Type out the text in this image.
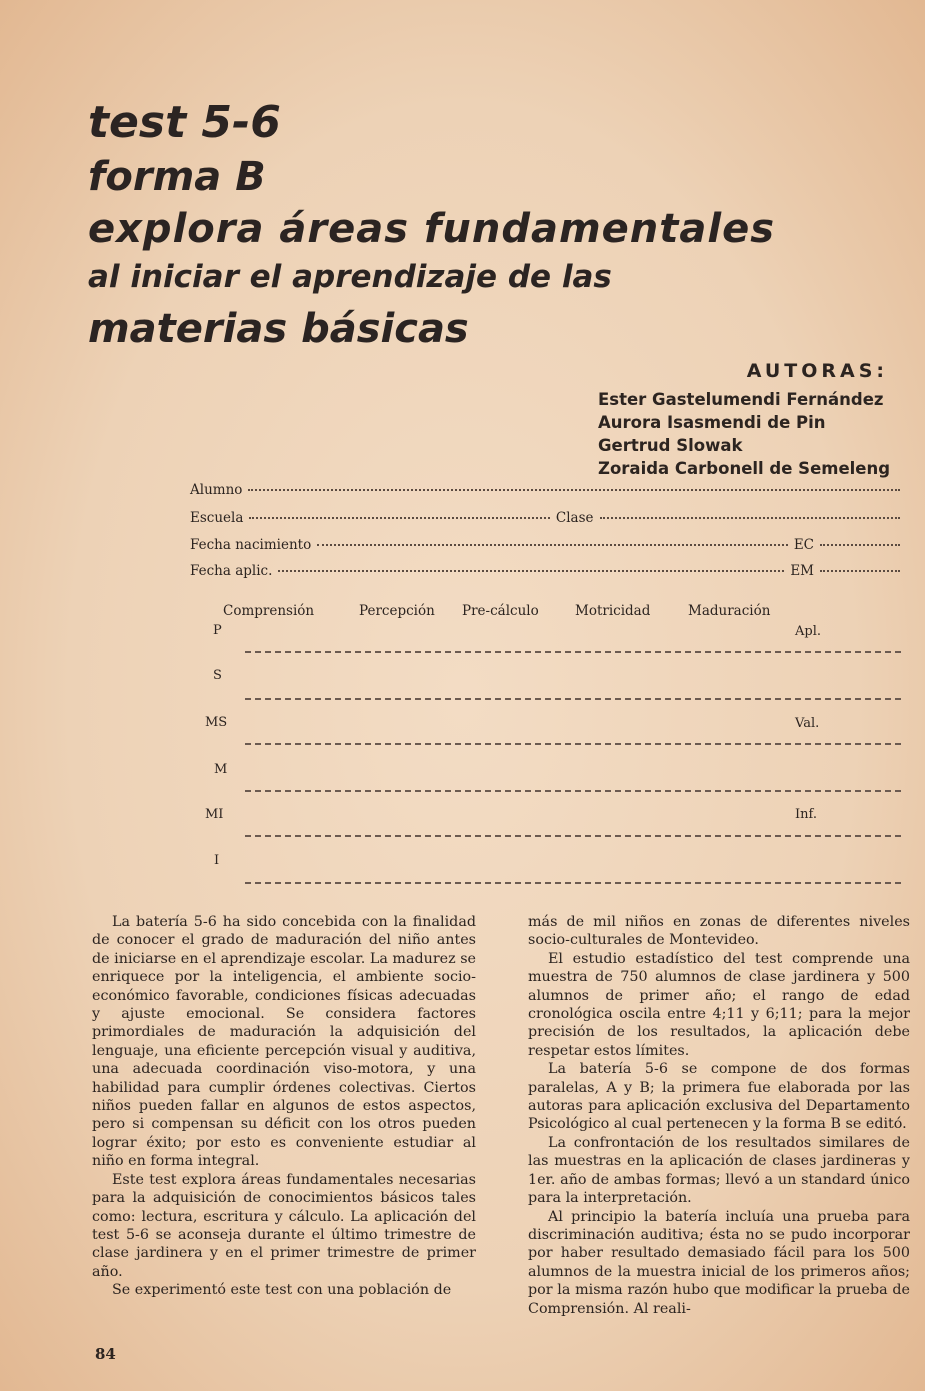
test 5-6
forma B
explora áreas fundamentales
al iniciar el aprendizaje de las
materias básicas
AUTORAS:
Ester Gastelumendi Fernández
Aurora Isasmendi de Pin
Gertrud Slowak
Zoraida Carbonell de Semeleng
Alumno
Escuela	Clase
Fecha nacimiento	EC
Fecha aplic.	EM
Comprensión	Percepción Pre-cálculo	Motricidad	Maduración
P	Apl.
S
MS	Val.
M
MI	Inf.
I

La batería 5-6 ha sido concebida con la finalidad de conocer el grado de maduración del niño antes de iniciarse en el aprendizaje escolar. La madurez se enriquece por la inteligencia, el ambiente socio-económico favorable, condiciones físicas adecuadas y ajuste emocional. Se considera factores primordiales de maduración la adquisición del lenguaje, una eficiente percepción visual y auditiva, una adecuada coordinación viso-motora, y una habilidad para cumplir órdenes colectivas. Ciertos niños pueden fallar en algunos de estos aspectos, pero si compensan su déficit con los otros pueden lograr éxito; por esto es conveniente estudiar al niño en forma integral.

Este test explora áreas fundamentales necesarias para la adquisición de conocimientos básicos tales como: lectura, escritura y cálculo. La aplicación del test 5-6 se aconseja durante el último trimestre de clase jardinera y en el primer trimestre de primer año.

Se experimentó este test con una población de

más de mil niños en zonas de diferentes niveles socio-culturales de Montevideo.

El estudio estadístico del test comprende una muestra de 750 alumnos de clase jardinera y 500 alumnos de primer año; el rango de edad cronológica oscila entre 4;11 y 6;11; para la mejor precisión de los resultados, la aplicación debe respetar estos límites.

La batería 5-6 se compone de dos formas paralelas, A y B; la primera fue elaborada por las autoras para aplicación exclusiva del Departamento Psicológico al cual pertenecen y la forma B se editó.

La confrontación de los resultados similares de las muestras en la aplicación de clases jardineras y 1er. año de ambas formas; llevó a un standard único para la interpretación.

Al principio la batería incluía una prueba para discriminación auditiva; ésta no se pudo incorporar por haber resultado demasiado fácil para los 500 alumnos de la muestra inicial de los primeros años; por la misma razón hubo que modificar la prueba de Comprensión. Al reali-

84
